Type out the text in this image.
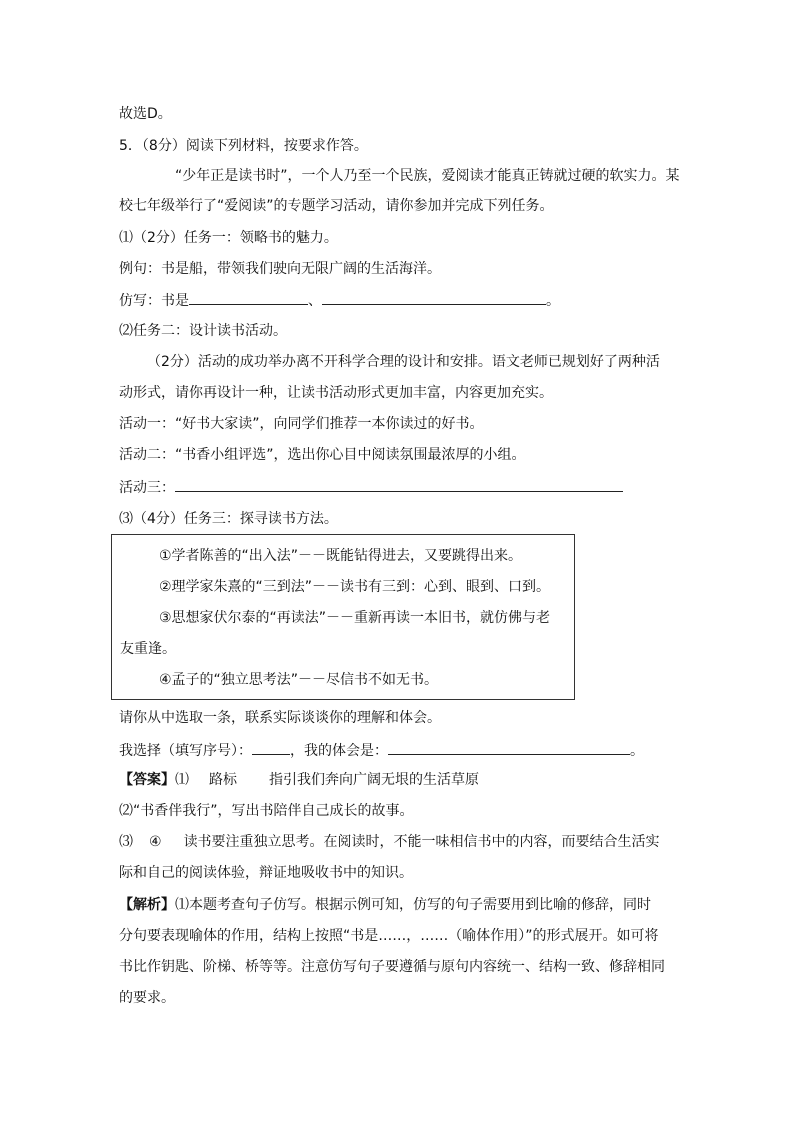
故选D。
5．（8分）阅读下列材料，按要求作答。
“少年正是读书时”，一个人乃至一个民族，爱阅读才能真正铸就过硬的软实力。某
校七年级举行了“爱阅读”的专题学习活动，请你参加并完成下列任务。
⑴（2分）任务一：领略书的魅力。
例句：书是船，带领我们驶向无限广阔的生活海洋。
仿写：书是	、	。
⑵任务二：设计读书活动。
（2分）活动的成功举办离不开科学合理的设计和安排。语文老师已规划好了两种活
动形式，请你再设计一种，让读书活动形式更加丰富，内容更加充实。
活动一：“好书大家读”，向同学们推荐一本你读过的好书。
活动二：“书香小组评选”，选出你心目中阅读氛围最浓厚的小组。
活动三：
⑶（4分）任务三：探寻读书方法。
①学者陈善的“出入法”－－既能钻得进去，又要跳得出来。
②理学家朱熹的“三到法”－－读书有三到：心到、眼到、口到。
③思想家伏尔泰的“再读法”－－重新再读一本旧书，就仿佛与老
友重逢。
④孟子的“独立思考法”－－尽信书不如无书。
请你从中选取一条，联系实际谈谈你的理解和体会。
我选择（填写序号）：	，我的体会是：	。
【答案】⑴ 路标 指引我们奔向广阔无垠的生活草原
⑵“书香伴我行”，写出书陪伴自己成长的故事。
⑶ ④ 读书要注重独立思考。在阅读时，不能一味相信书中的内容，而要结合生活实
际和自己的阅读体验，辩证地吸收书中的知识。
【解析】⑴本题考查句子仿写。根据示例可知，仿写的句子需要用到比喻的修辞，同时
分句要表现喻体的作用，结构上按照“书是……，……（喻体作用）”的形式展开。如可将
书比作钥匙、阶梯、桥等等。注意仿写句子要遵循与原句内容统一、结构一致、修辞相同
的要求。
